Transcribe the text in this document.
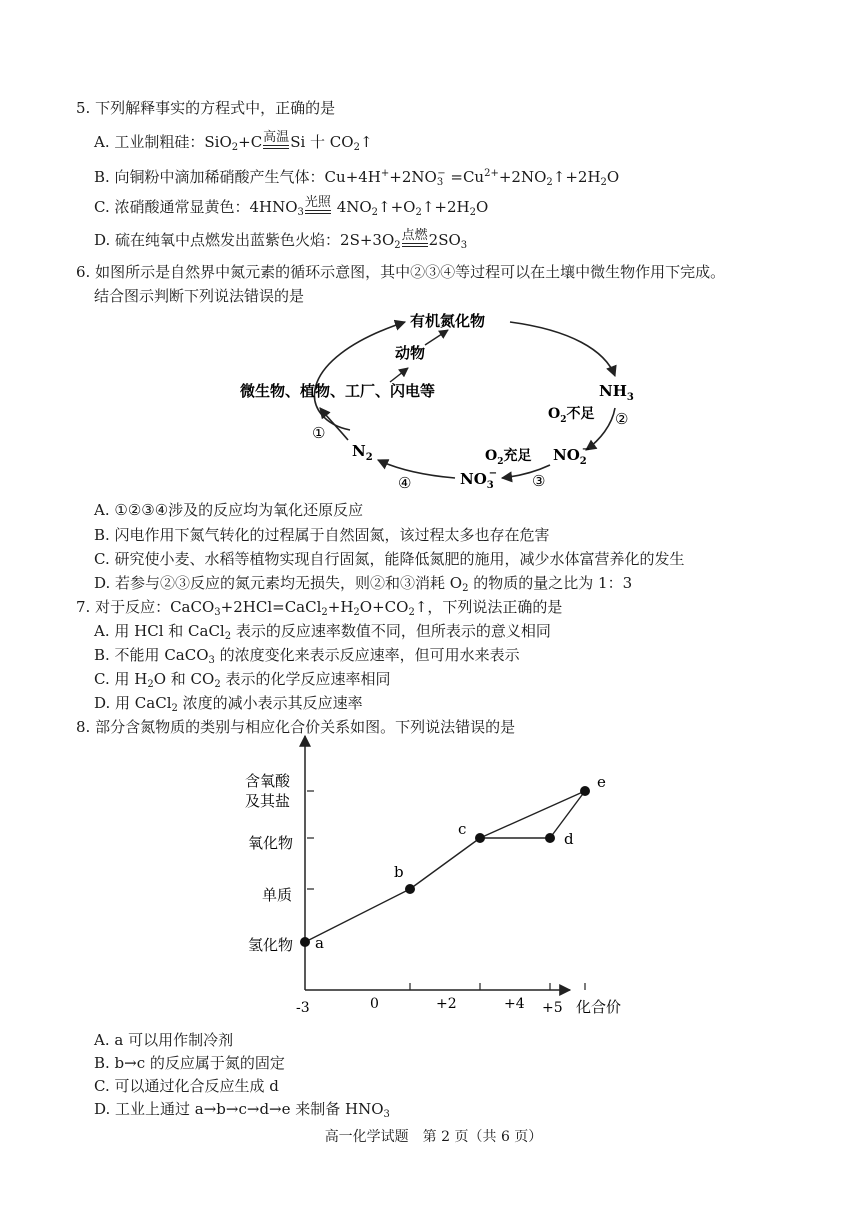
5. 下列解释事实的方程式中，正确的是
A. 工业制粗硅：SiO$_2$+C 高温 Si 十 $CO_2↑$
B. 向铜粉中滴加稀硝酸产生气体：$Cu+4H^++2NO_3^-$ $=Cu^{2+}+2NO_2↑+2H_2O$
C. 浓硝酸通常显黄色：$4HNO_3$
光照 $4NO_2↑+O_2↑+2H_2O$
D. 硫在纯氧中点燃发出蓝紫色火焰：$2S+3O_2$
点燃 $2SO_3$
6. 如图所示是自然界中氮元素的循环示意图，其中②③④等过程可以在土壤中微生物作用下完成。
结合图示判断下列说法错误的是
有机氮化物
动物
微生物、植物、工厂、闪电等	$NH_3$
$O_2$不足 ②
$O_2$充足 $NO_2-$
$NO_3-$ ③
④
$N_2$
①
A. ①②③④涉及的反应均为氧化还原反应
B. 闪电作用下氮气转化的过程属于自然固氮，该过程太多也存在危害
C. 研究使小麦、水稻等植物实现自行固氮，能降低氮肥的施用，减少水体富营养化的发生
D. 若参与②③反应的氮元素均无损失，则②和③消耗 $O_2$ 的物质的量之比为 1：3
7. 对于反应：$CaCO_3+2HCl=CaCl_2+H_2O+CO_2↑$，下列说法正确的是
A. 用 HCl 和 CaCl$_2$ 表示的反应速率数值不同，但所表示的意义相同
B. 不能用 CaCO$_3$ 的浓度变化来表示反应速率，但可用水来表示
C. 用 $H_2O$ 和 $CO_2$ 表示的化学反应速率相同
D. 用 CaCl$_2$ 浓度的减小表示其反应速率
8. 部分含氮物质的类别与相应化合价关系如图。下列说法错误的是
氢化物
单质
氧化物
含氧酸
及其盐
-3	0	+2	+4 +5 化合价
a
b
c
d
e
A. a 可以用作制冷剂
B. b→c 的反应属于氮的固定
C. 可以通过化合反应生成 d
D. 工业上通过 a→b→c→d→e 来制备 $HNO_3$
高一化学试题　第 2 页（共 6 页）
